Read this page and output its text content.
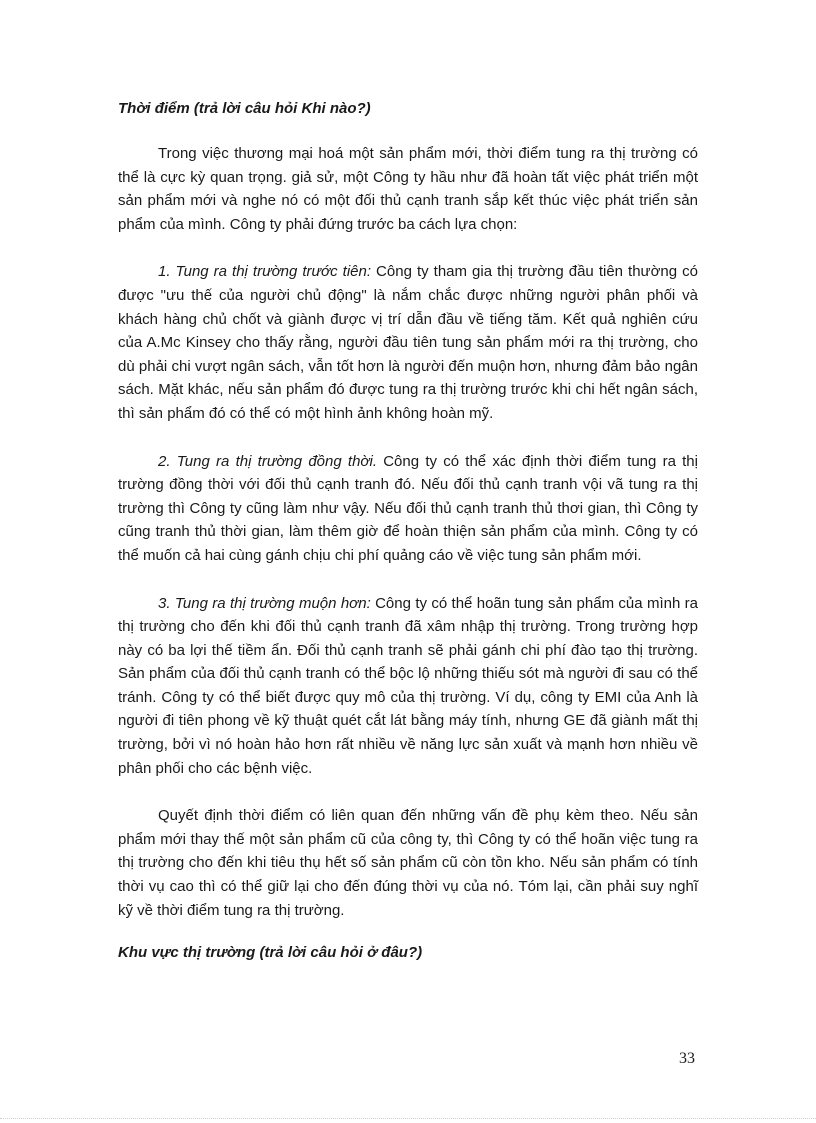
Thời điểm (trả lời câu hỏi Khi nào?)

Trong việc thương mại hoá một sản phẩm mới, thời điểm tung ra thị trường có thể là cực kỳ quan trọng. giả sử, một Công ty hầu như đã hoàn tất việc phát triển một sản phẩm mới và nghe nó có một đối thủ cạnh tranh sắp kết thúc việc phát triển sản phẩm của mình. Công ty phải đứng trước ba cách lựa chọn:

1. Tung ra thị trường trước tiên: Công ty tham gia thị trường đầu tiên thường có được "ưu thế của người chủ động" là nắm chắc được những người phân phối và khách hàng chủ chốt và giành được vị trí dẫn đầu về tiếng tăm. Kết quả nghiên cứu của A.Mc Kinsey cho thấy rằng, người đầu tiên tung sản phẩm mới ra thị trường, cho dù phải chi vượt ngân sách, vẫn tốt hơn là người đến muộn hơn, nhưng đảm bảo ngân sách. Mặt khác, nếu sản phẩm đó được tung ra thị trường trước khi chi hết ngân sách, thì sản phẩm đó có thể có một hình ảnh không hoàn mỹ.

2. Tung ra thị trường đồng thời. Công ty có thể xác định thời điểm tung ra thị trường đồng thời với đối thủ cạnh tranh đó. Nếu đối thủ cạnh tranh vội vã tung ra thị trường thì Công ty cũng làm như vậy. Nếu đối thủ cạnh tranh thủ thơi gian, thì Công ty cũng tranh thủ thời gian, làm thêm giờ để hoàn thiện sản phẩm của mình. Công ty có thể muốn cả hai cùng gánh chịu chi phí quảng cáo về việc tung sản phẩm mới.

3. Tung ra thị trường muộn hơn: Công ty có thể hoãn tung sản phẩm của mình ra thị trường cho đến khi đối thủ cạnh tranh đã xâm nhập thị trường. Trong trường hợp này có ba lợi thế tiềm ẩn. Đối thủ cạnh tranh sẽ phải gánh chi phí đào tạo thị trường. Sản phẩm của đối thủ cạnh tranh có thể bộc lộ những thiếu sót mà người đi sau có thể tránh. Công ty có thể biết được quy mô của thị trường. Ví dụ, công ty EMI của Anh là người đi tiên phong về kỹ thuật quét cắt lát bằng máy tính, nhưng GE đã giành mất thị trường, bởi vì nó hoàn hảo hơn rất nhiều về năng lực sản xuất và mạnh hơn nhiều về phân phối cho các bệnh việc.

Quyết định thời điểm có liên quan đến những vấn đề phụ kèm theo. Nếu sản phẩm mới thay thế một sản phẩm cũ của công ty, thì Công ty có thể hoãn việc tung ra thị trường cho đến khi tiêu thụ hết số sản phẩm cũ còn tồn kho. Nếu sản phẩm có tính thời vụ cao thì có thể giữ lại cho đến đúng thời vụ của nó. Tóm lại, cần phải suy nghĩ kỹ về thời điểm tung ra thị trường.

Khu vực thị trường (trả lời câu hỏi ở đâu?)

33
